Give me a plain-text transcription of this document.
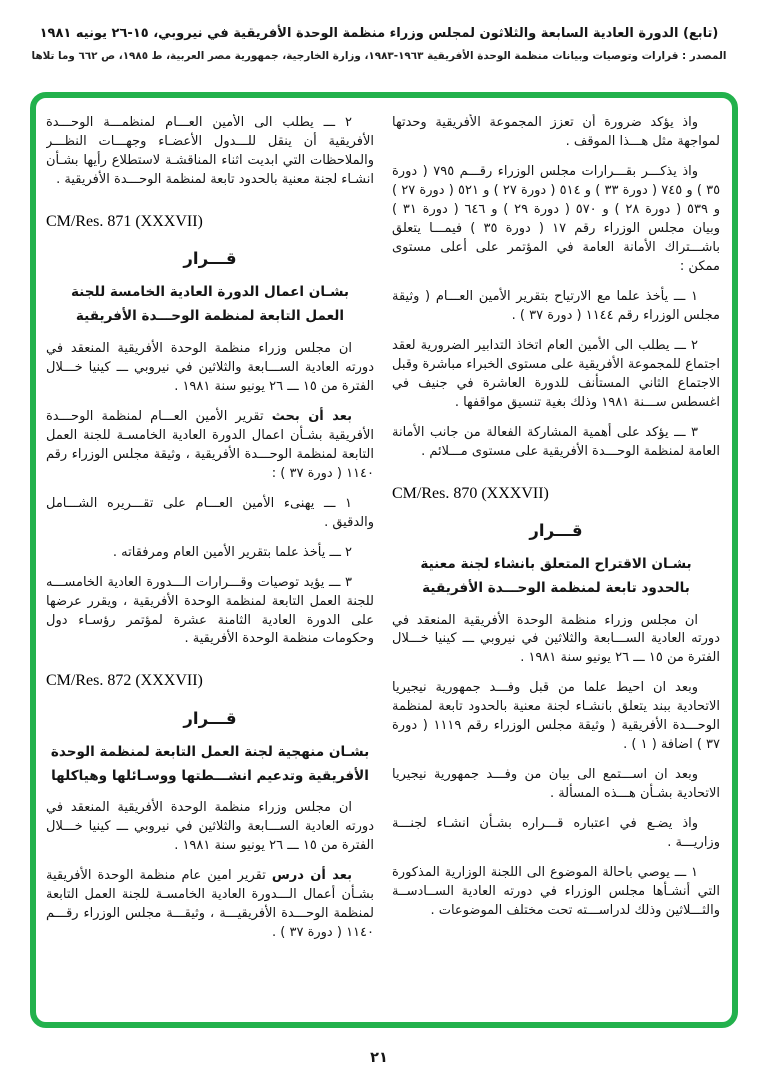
(تابع) الدورة العادية السابعة والثلاثون لمجلس وزراء منظمة الوحدة الأفريقية في نيروبي، ١٥-٢٦ يونيه ١٩٨١
المصدر : قرارات وتوصيات وبيانات منظمة الوحدة الأفريقية ١٩٦٣-١٩٨٣، وزارة الخارجية، جمهورية مصر العربية، ط ١٩٨٥، ص ٦٦٢ وما تلاها

واذ يؤكد ضرورة أن تعزز المجموعة الأفريقية وحدتها لمواجهة مثل هـــذا الموقف .

واذ يذكـــر بقـــرارات مجلس الوزراء رقـــم ٧٩٥ ( دورة ٣٥ ) و ٧٤٥ ( دورة ٣٣ ) و ٥١٤ ( دورة ٢٧ ) و ٥٢١ ( دورة ٢٧ ) و ٥٣٩ ( دورة ٢٨ ) و ٥٧٠ ( دورة ٢٩ ) و ٦٤٦ ( دورة ٣١ ) وبيان مجلس الوزراء رقم ١٧ ( دورة ٣٥ ) فيمـــا يتعلق باشـــتراك الأمانة العامة في المؤتمر على أعلى مستوى ممكن :

١ ـــ يأخذ علما مع الارتياح بتقرير الأمين العـــام ( وثيقة مجلس الوزراء رقم ١١٤٤ ( دورة ٣٧ ) .

٢ ـــ يطلب الى الأمين العام اتخاذ التدابير الضرورية لعقد اجتماع للمجموعة الأفريقية على مستوى الخبراء مباشرة وقبل الاجتماع الثاني المستأنف للدورة العاشرة في جنيف في اغسطس ســـنة ١٩٨١ وذلك بغية تنسيق مواقفها .

٣ ـــ يؤكد على أهمية المشاركة الفعالة من جانب الأمانة العامة لمنظمة الوحـــدة الأفريقية على مستوى مـــلائم .

CM/Res. 870 (XXXVII)
قـــرار
بشـان الاقتراح المتعلق بانشاء لجنة معنية
بالحدود تابعة لمنظمة الوحـــدة الأفريقية

ان مجلس وزراء منظمة الوحدة الأفريقية المنعقد في دورته العادية الســـابعة والثلاثين في نيروبي ـــ كينيا خـــلال الفترة من ١٥ ـــ ٢٦ يونيو سنة ١٩٨١ .

وبعد ان احيط علما من قبل وفـــد جمهورية نيجيريا الاتحادية ببند يتعلق بانشـاء لجنة معنية بالحدود تابعة لمنظمة الوحـــدة الأفريقية ( وثيقة مجلس الوزراء رقم ١١١٩ ( دورة ٣٧ ) اضافة ( ١ ) .

وبعد ان اســـتمع الى بيان من وفـــد جمهورية نيجيريا الاتحادية بشـأن هـــذه المسألة .

واذ يضـع في اعتباره قـــراره بشـأن انشـاء لجنـــة وزاريـــة .

١ ـــ يوصي باحالة الموضوع الى اللجنة الوزارية المذكورة التي أنشـأها مجلس الوزراء في دورته العادية الســادســة والثـــلاثين وذلك لدراســـته تحت مختلف الموضوعات .

٢ ـــ يطلب الى الأمين العـــام لمنظمـــة الوحـــدة الأفريقية أن ينقل للـــدول الأعضـاء وجهـــات النظـــر والملاحظات التي ابديت اثناء المناقشـة لاستطلاع رأيها بشـأن انشـاء لجنة معنية بالحدود تابعة لمنظمة الوحـــدة الأفريقية .

CM/Res. 871 (XXXVII)
قـــرار
بشـان اعمال الدورة العادية الخامسة للجنة
العمل التابعة لمنظمة الوحـــدة الأفريقية

ان مجلس وزراء منظمة الوحدة الأفريقية المنعقد في دورته العادية الســـابعة والثلاثين في نيروبي ـــ كينيا خـــلال الفترة من ١٥ ـــ ٢٦ يونيو سنة ١٩٨١ .

بعد أن بحث تقرير الأمين العـــام لمنظمة الوحـــدة الأفريقية بشـأن اعمال الدورة العادية الخامسـة للجنة العمل التابعة لمنظمة الوحـــدة الأفريقية ، وثيقة مجلس الوزراء رقم ١١٤٠ ( دورة ٣٧ ) :

١ ـــ يهنىء الأمين العـــام على تقـــريره الشـــامل والدقيق .

٢ ـــ يأخذ علما بتقرير الأمين العام ومرفقاته .

٣ ـــ يؤيد توصيات وقـــرارات الـــدورة العادية الخامســـه للجنة العمل التابعة لمنظمة الوحدة الأفريقية ، ويقرر عرضها على الدورة العادية الثامنة عشرة لمؤتمر رؤسـاء دول وحكومات منظمة الوحدة الأفريقية .

CM/Res. 872 (XXXVII)
قـــرار
بشـان منهجية لجنة العمل التابعة لمنظمة الوحدة
الأفريقية وتدعيم انشـــطتها ووسـائلها وهياكلها

ان مجلس وزراء منظمة الوحدة الأفريقية المنعقد في دورته العادية الســـابعة والثلاثين في نيروبي ـــ كينيا خـــلال الفترة من ١٥ ـــ ٢٦ يونيو سنة ١٩٨١ .

بعد أن درس تقرير امين عام منظمة الوحدة الأفريقية بشـأن أعمال الـــدورة العادية الخامسـة للجنة العمل التابعة لمنظمة الوحـــدة الأفريقيـــة ، وثيقـــة مجلس الوزراء رقـــم ١١٤٠ ( دورة ٣٧ ) .

٢١
